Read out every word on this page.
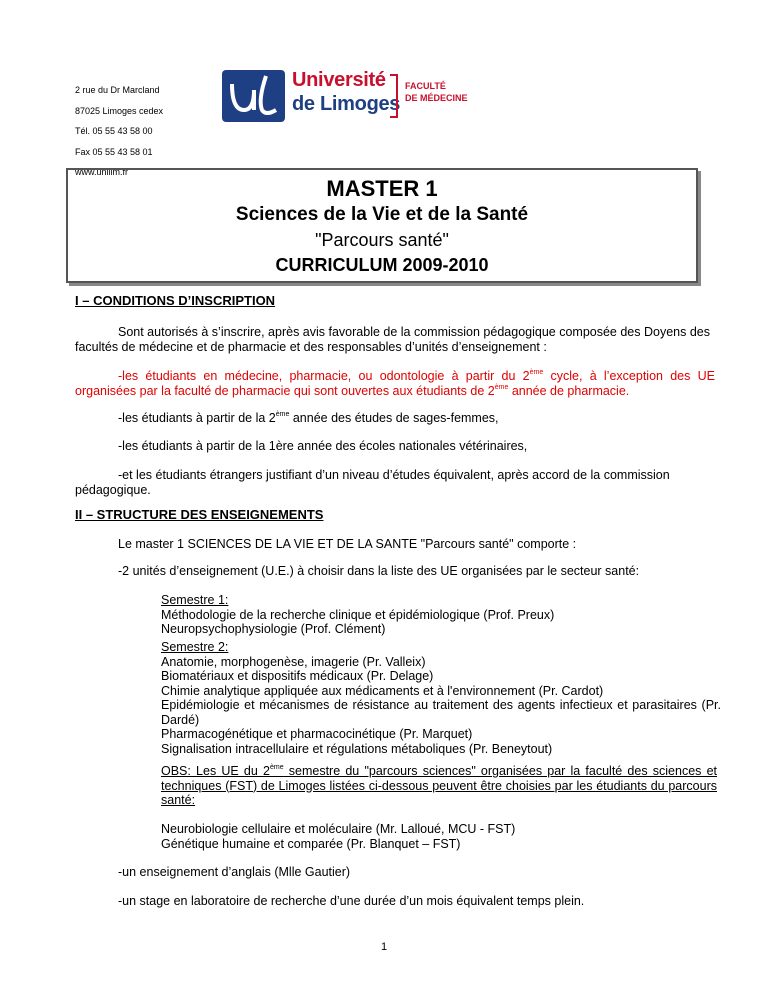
2 rue du Dr Marcland
87025 Limoges cedex
Tél. 05 55 43 58 00
Fax 05 55 43 58 01
www.unilim.fr
Université
de Limoges
FACULTÉ
DE MÉDECINE
MASTER 1
Sciences de la Vie et de la Santé
"Parcours santé"
CURRICULUM 2009-2010
I – CONDITIONS D’INSCRIPTION
Sont autorisés à s’inscrire, après avis favorable de la commission pédagogique composée des Doyens des facultés de médecine et de pharmacie et des responsables d’unités d’enseignement :
-les étudiants en médecine, pharmacie, ou odontologie à partir du 2ème cycle, à l’exception des UE organisées par la faculté de pharmacie qui sont ouvertes aux étudiants de 2ème année de pharmacie.
-les étudiants à partir de la 2ème année des études de sages-femmes,
-les étudiants à partir de la 1ère année des écoles nationales vétérinaires,
-et les étudiants étrangers justifiant d’un niveau d’études équivalent, après accord de la commission pédagogique.
II – STRUCTURE DES ENSEIGNEMENTS
Le master 1 SCIENCES DE LA VIE ET DE LA SANTE "Parcours santé" comporte :
-2 unités d’enseignement (U.E.) à choisir dans la liste des UE organisées par le secteur santé:
Semestre 1:
Méthodologie de la recherche clinique et épidémiologique (Prof. Preux)
Neuropsychophysiologie (Prof. Clément)
Semestre 2:
Anatomie, morphogenèse, imagerie (Pr. Valleix)
Biomatériaux et dispositifs médicaux (Pr. Delage)
Chimie analytique appliquée aux médicaments et à l'environnement (Pr. Cardot)
Epidémiologie et mécanismes de résistance au traitement des agents infectieux et parasitaires (Pr. Dardé)
Pharmacogénétique et pharmacocinétique (Pr. Marquet)
Signalisation intracellulaire et régulations métaboliques (Pr. Beneytout)
OBS: Les UE du 2ème semestre du "parcours sciences" organisées par la faculté des sciences et techniques (FST) de Limoges listées ci-dessous peuvent être choisies par les étudiants du parcours santé:
Neurobiologie cellulaire et moléculaire (Mr. Lalloué, MCU - FST)
Génétique humaine et comparée (Pr. Blanquet – FST)
-un enseignement d’anglais (Mlle Gautier)
-un stage en laboratoire de recherche d’une durée d’un mois équivalent temps plein.
1
